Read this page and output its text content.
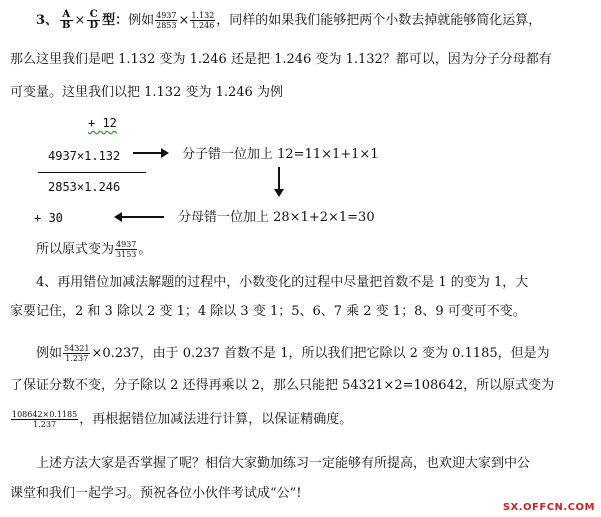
3、 $\frac{A}{B} \times \frac{C}{D}$ 型：例如 $\frac{4937}{2853} \times \frac{1.132}{1.246}$ ，同样的如果我们能够把两个小数去掉就能够简化运算，
那么这里我们是吧 1.132 变为 1.246 还是把 1.246 变为 1.132？都可以，因为分子分母都有
可变量。这里我们以把 1.132 变为 1.246 为例
+ 12
4937×1.132	分子错一位加上 12=11×1+1×1
2853×1.246
+ 30	分母错一位加上 28×1+2×1=30
所以原式变为 $\frac{4937}{3153}$ 。
4、再用错位加减法解题的过程中，小数变化的过程中尽量把首数不是 1 的变为 1，大
家要记住，2 和 3 除以 2 变 1；4 除以 3 变 1；5、6、7 乘 2 变 1；8、9 可变可不变。
例如 $\frac{54321}{1.237} \times 0.237$，由于 0.237 首数不是 1，所以我们把它除以 2 变为 0.1185，但是为
了保证分数不变，分子除以 2 还得再乘以 2，那么只能把 54321×2=108642，所以原式变为
$\frac{108642\times 0.1185}{1.237}$ ，再根据错位加减法进行计算，以保证精确度。
上述方法大家是否掌握了呢？相信大家勤加练习一定能够有所提高，也欢迎大家到中公
课堂和我们一起学习。预祝各位小伙伴考试成“公”!
SX.OFFCN.COM
